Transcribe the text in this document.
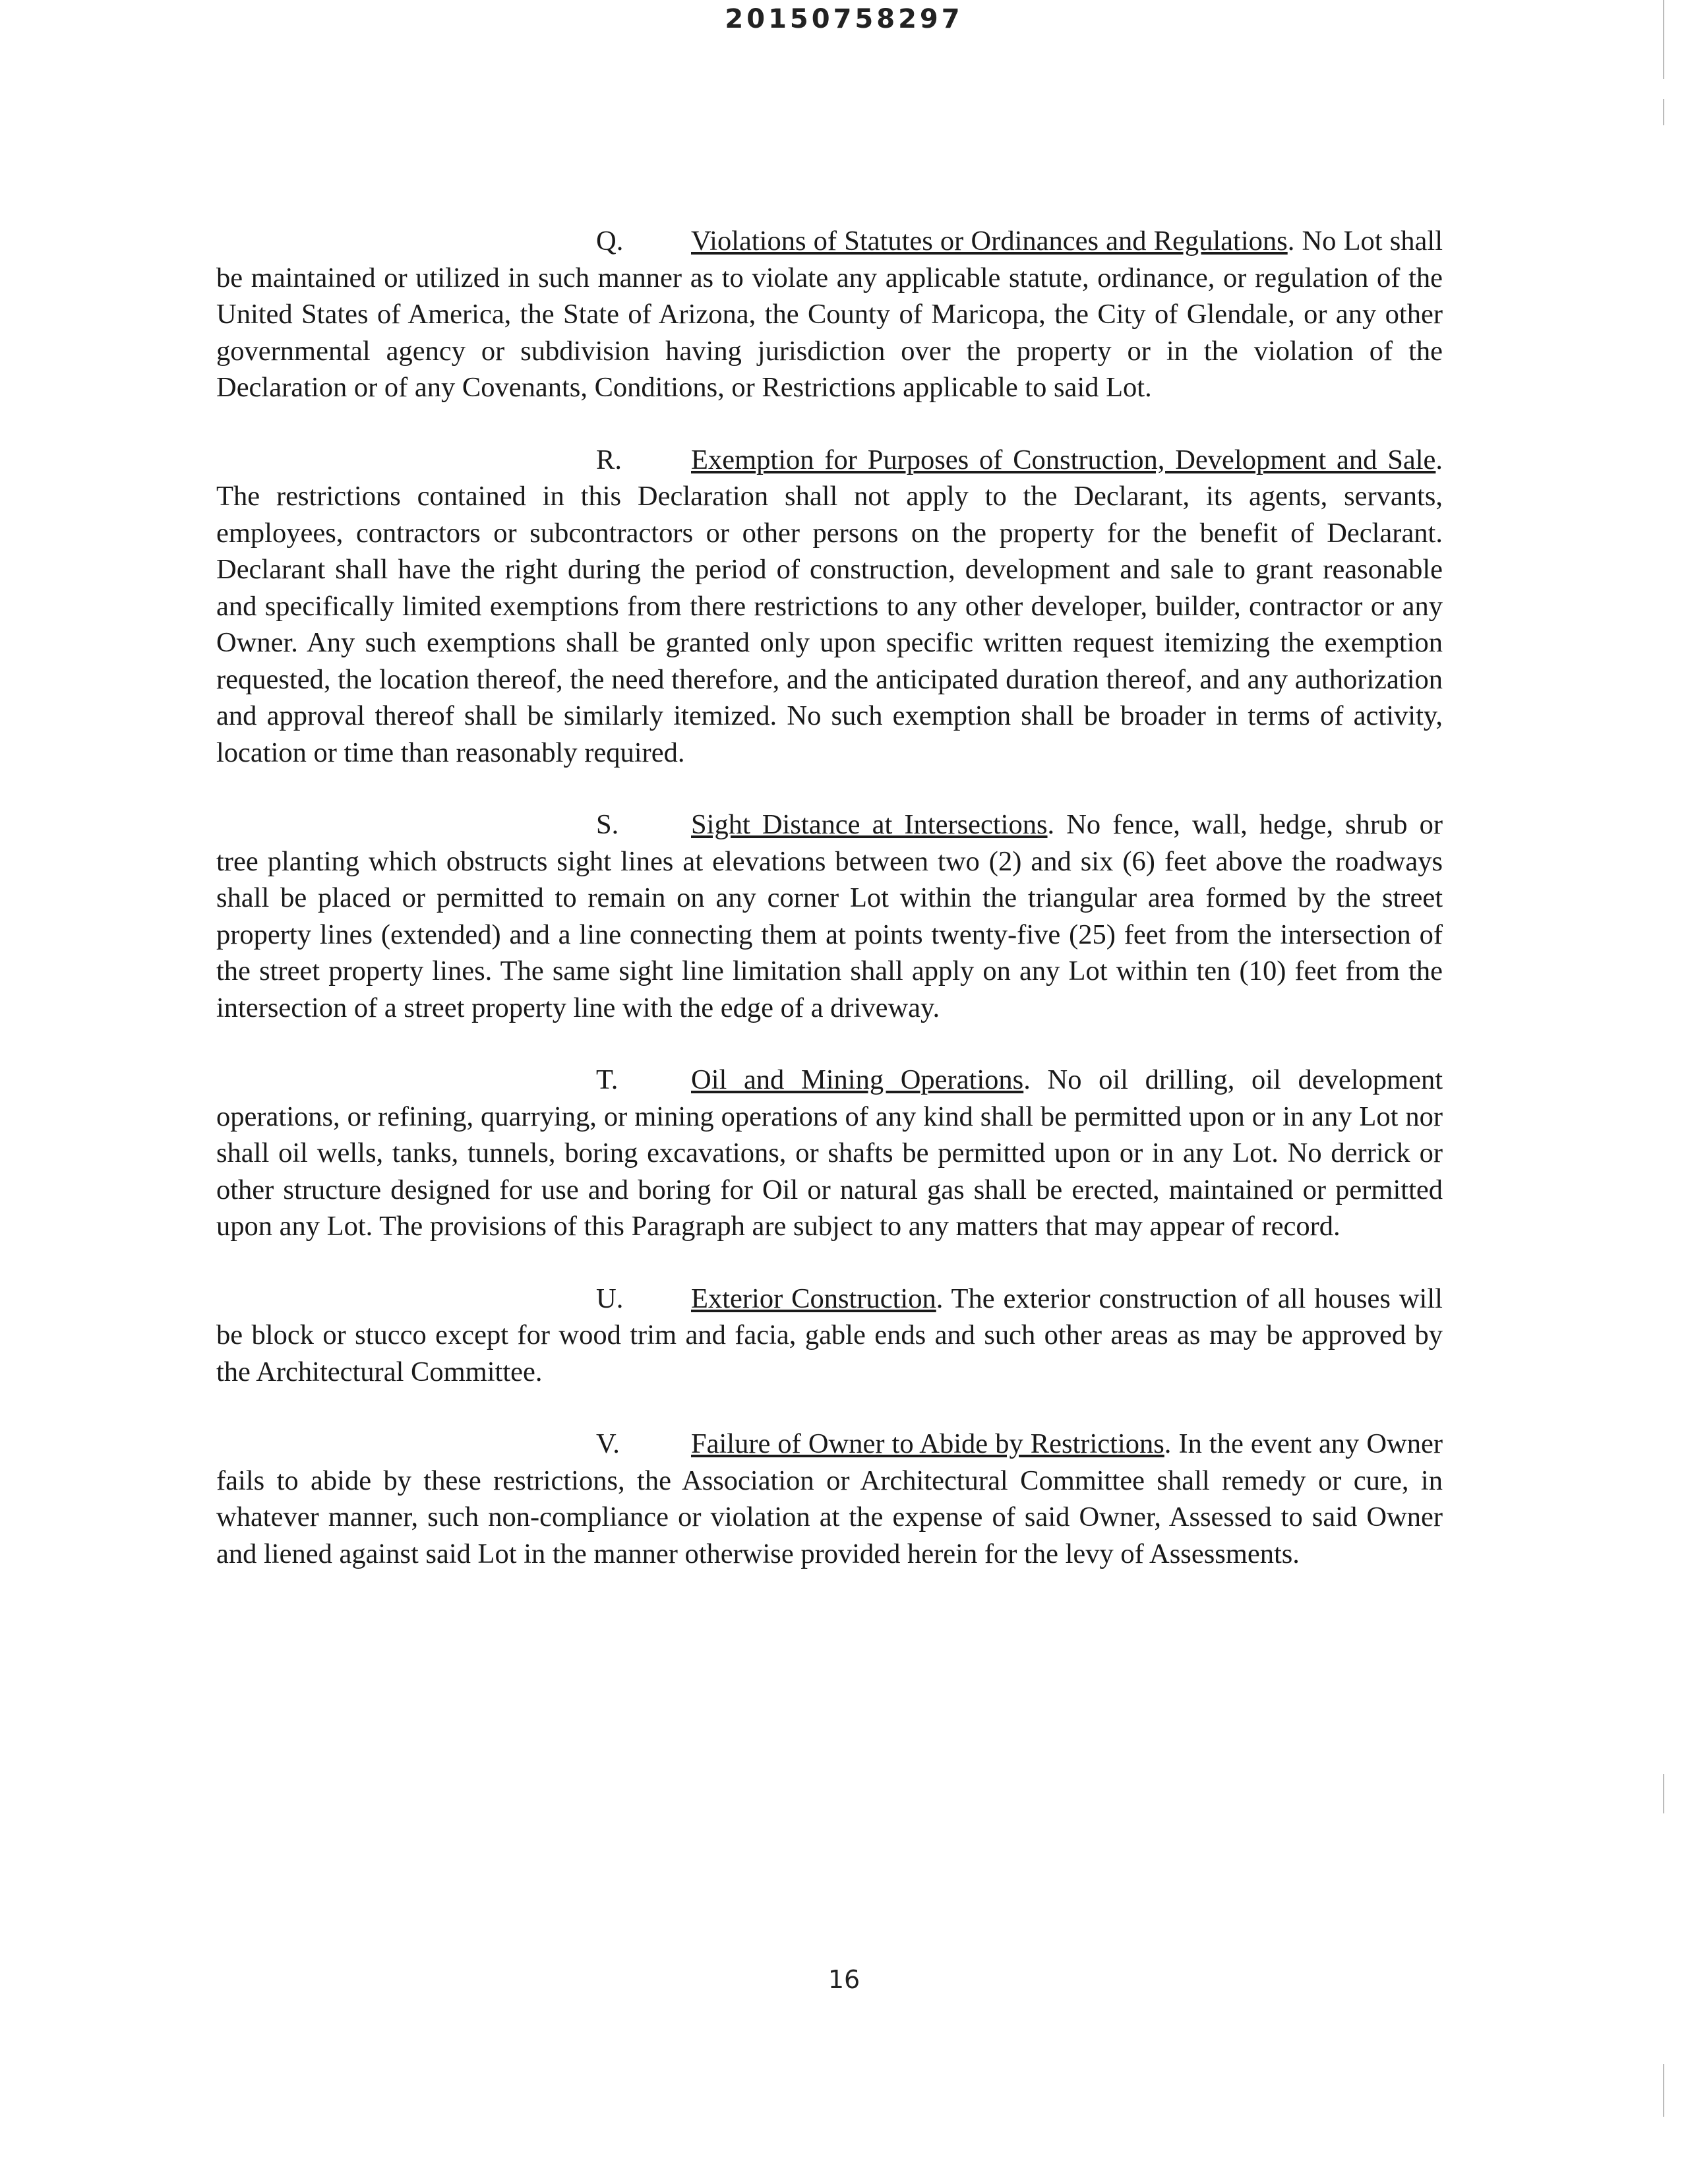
20150758297

Q. Violations of Statutes or Ordinances and Regulations. No Lot shall be maintained or utilized in such manner as to violate any applicable statute, ordinance, or regulation of the United States of America, the State of Arizona, the County of Maricopa, the City of Glendale, or any other governmental agency or subdivision having jurisdiction over the property or in the violation of the Declaration or of any Covenants, Conditions, or Restrictions applicable to said Lot.

R. Exemption for Purposes of Construction, Development and Sale. The restrictions contained in this Declaration shall not apply to the Declarant, its agents, servants, employees, contractors or subcontractors or other persons on the property for the benefit of Declarant. Declarant shall have the right during the period of construction, development and sale to grant reasonable and specifically limited exemptions from there restrictions to any other developer, builder, contractor or any Owner. Any such exemptions shall be granted only upon specific written request itemizing the exemption requested, the location thereof, the need therefore, and the anticipated duration thereof, and any authorization and approval thereof shall be similarly itemized. No such exemption shall be broader in terms of activity, location or time than reasonably required.

S.	Sight Distance at Intersections. No fence, wall, hedge, shrub or tree planting which obstructs sight lines at elevations between two (2) and six (6) feet above the roadways shall be placed or permitted to remain on any corner Lot within the triangular area formed by the street property lines (extended) and a line connecting them at points twenty-five (25) feet from the intersection of the street property lines. The same sight line limitation shall apply on any Lot within ten (10) feet from the intersection of a street property line with the edge of a driveway.

T.	Oil and Mining Operations. No oil drilling, oil development operations, or refining, quarrying, or mining operations of any kind shall be permitted upon or in any Lot nor shall oil wells, tanks, tunnels, boring excavations, or shafts be permitted upon or in any Lot. No derrick or other structure designed for use and boring for Oil or natural gas shall be erected, maintained or permitted upon any Lot. The provisions of this Paragraph are subject to any matters that may appear of record.

U. Exterior Construction. The exterior construction of all houses will be block or stucco except for wood trim and facia, gable ends and such other areas as may be approved by the Architectural Committee.

V.	Failure of Owner to Abide by Restrictions. In the event any Owner fails to abide by these restrictions, the Association or Architectural Committee shall remedy or cure, in whatever manner, such non-compliance or violation at the expense of said Owner, Assessed to said Owner and liened against said Lot in the manner otherwise provided herein for the levy of Assessments.

16
